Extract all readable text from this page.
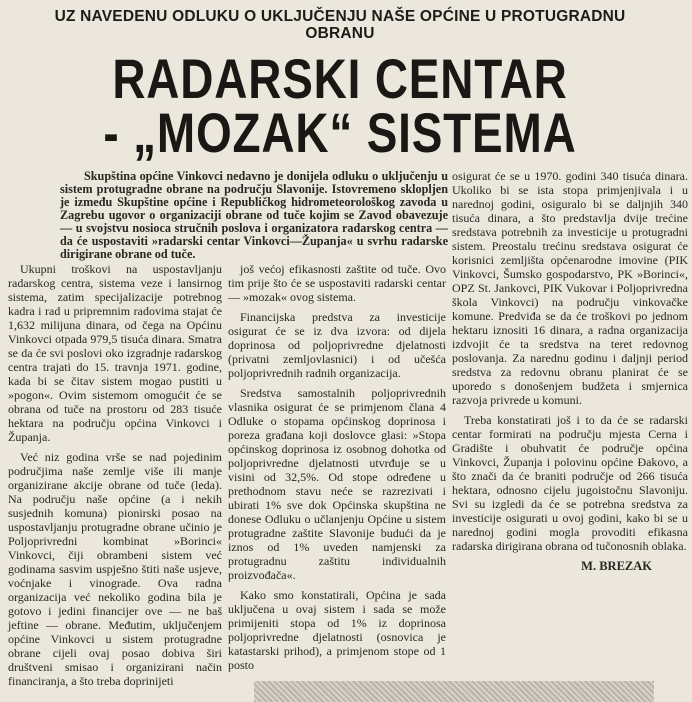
UZ NAVEDENU ODLUKU O UKLJUČENJU NAŠE OPĆINE U PROTUGRADNU OBRANU
RADARSKI CENTAR
- „MOZAK“ SISTEMA
Skupština općine Vinkovci nedavno je donijela odluku o uključenju u sistem protugradne obrane na području Slavonije. Istovremeno sklopljen je između Skupštine općine i Republičkog hidrometeorološkog zavoda u Zagrebu ugovor o organizaciji obrane od tuče kojim se Zavod obavezuje — u svojstvu nosioca stručnih poslova i organizatora radarskog centra — da će uspostaviti »radarski centar Vinkovci—Županja« u svrhu radarske dirigirane obrane od tuče.

Ukupni troškovi na uspostavljanju radarskog centra, sistema veze i lansirnog sistema, zatim specijalizacije potrebnog kadra i rad u pripremnim radovima stajat će 1,632 milijuna dinara, od čega na Općinu Vinkovci otpada 979,5 tisuća dinara. Smatra se da će svi poslovi oko izgradnje radarskog centra trajati do 15. travnja 1971. godine, kada bi se čitav sistem mogao pustiti u »pogon«. Ovim sistemom omogućit će se obrana od tuče na prostoru od 283 tisuće hektara na području općina Vinkovci i Županja.

Već niz godina vrše se nad pojedinim područjima naše zemlje više ili manje organizirane akcije obrane od tuče (leda). Na području naše općine (a i nekih susjednih komuna) pionirski posao na uspostavljanju protugradne obrane učinio je Poljoprivredni kombinat »Borinci« Vinkovci, čiji obrambeni sistem već godinama sasvim uspješno štiti naše usjeve, voćnjake i vinograde. Ova radna organizacija već nekoliko godina bila je gotovo i jedini financijer ove — ne baš jeftine — obrane. Međutim, uključenjem općine Vinkovci u sistem protugradne obrane cijeli ovaj posao dobiva širi društveni smisao i organizirani način financiranja, a što treba doprinijeti

još većoj efikasnosti zaštite od tuče. Ovo tim prije što će se uspostaviti radarski centar — »mozak« ovog sistema.

Financijska predstva za investicije osigurat će se iz dva izvora: od dijela doprinosa od poljoprivredne djelatnosti (privatni zemljovlasnici) i od učešća poljoprivrednih radnih organizacija.

Sredstva samostalnih poljoprivrednih vlasnika osigurat će se primjenom člana 4 Odluke o stopama općinskog doprinosa i poreza građana koji doslovce glasi: »Stopa općinskog doprinosa iz osobnog dohotka od poljoprivredne djelatnosti utvrđuje se u visini od 32,5%. Od stope određene u prethodnom stavu neće se razrezivati i ubirati 1% sve dok Općinska skupština ne donese Odluku o učlanjenju Općine u sistem protugradne zaštite Slavonije budući da je iznos od 1% uveden namjenski za protugradnu zaštitu individualnih proizvođača«.

Kako smo konstatirali, Općina je sada uključena u ovaj sistem i sada se može primijeniti stopa od 1% iz doprinosa poljoprivredne djelatnosti (osnovica je katastarski prihod), a primjenom stope od 1 posto

osigurat će se u 1970. godini 340 tisuća dinara. Ukoliko bi se ista stopa primjenjivala i u narednoj godini, osiguralo bi se daljnjih 340 tisuća dinara, a što predstavlja dvije trećine sredstava potrebnih za investicije u protugradni sistem. Preostalu trećinu sredstava osigurat će korisnici zemljišta općenarodne imovine (PIK Vinkovci, Šumsko gospodarstvo, PK »Borinci«, OPZ St. Jankovci, PIK Vukovar i Poljoprivredna škola Vinkovci) na području vinkovačke komune. Predviđa se da će troškovi po jednom hektaru iznositi 16 dinara, a radna organizacija izdvojit će ta sredstva na teret redovnog poslovanja. Za narednu godinu i daljnji period sredstva za redovnu obranu planirat će se uporedo s donošenjem budžeta i smjernica razvoja privrede u komuni.

Treba konstatirati još i to da će se radarski centar formirati na području mjesta Cerna i Gradište i obuhvatit će područje općina Vinkovci, Županja i polovinu općine Đakovo, a što znači da će braniti područje od 266 tisuća hektara, odnosno cijelu jugoistočnu Slavoniju. Svi su izgledi da će se potrebna sredstva za investicije osigurati u ovoj godini, kako bi se u narednoj godini mogla provoditi efikasna radarska dirigirana obrana od tučonosnih oblaka.

M. BREZAK
